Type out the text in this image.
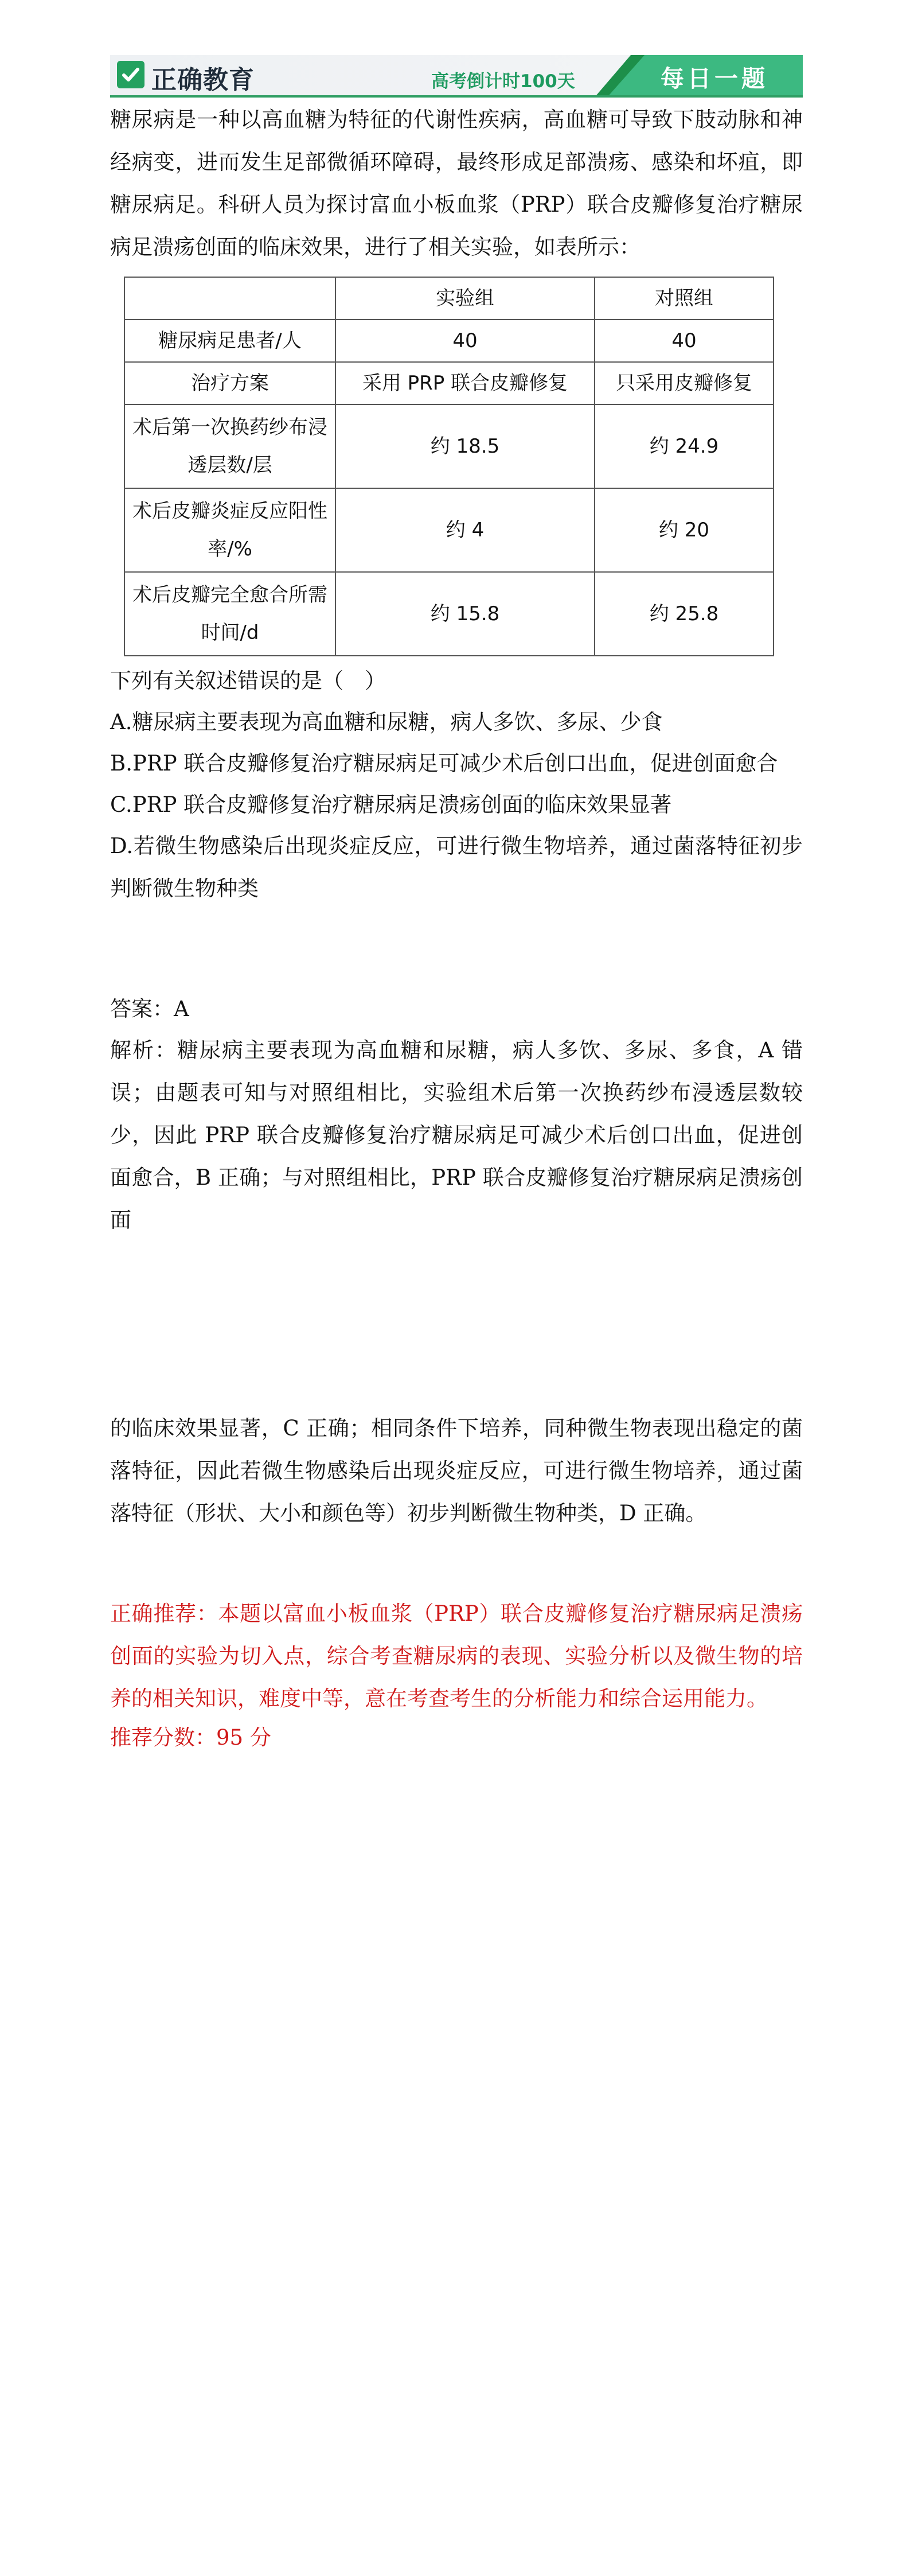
正确教育	高考倒计时100天	每日一题
糖尿病是一种以高血糖为特征的代谢性疾病，高血糖可导致下肢动脉和神经病变，进而发生足部微循环障碍，最终形成足部溃疡、感染和坏疽，即糖尿病足。科研人员为探讨富血小板血浆（PRP）联合皮瓣修复治疗糖尿病足溃疡创面的临床效果，进行了相关实验，如表所示：
	实验组	对照组
糖尿病足患者/人	40	40
治疗方案	采用 PRP 联合皮瓣修复	只采用皮瓣修复
术后第一次换药纱布浸透层数/层	约 18.5	约 24.9
术后皮瓣炎症反应阳性率/%	约 4	约 20
术后皮瓣完全愈合所需时间/d	约 15.8	约 25.8
下列有关叙述错误的是（　）
A.糖尿病主要表现为高血糖和尿糖，病人多饮、多尿、少食
B.PRP 联合皮瓣修复治疗糖尿病足可减少术后创口出血，促进创面愈合
C.PRP 联合皮瓣修复治疗糖尿病足溃疡创面的临床效果显著
D.若微生物感染后出现炎症反应，可进行微生物培养，通过菌落特征初步判断微生物种类
答案：A
解析：糖尿病主要表现为高血糖和尿糖，病人多饮、多尿、多食，A 错误；由题表可知与对照组相比，实验组术后第一次换药纱布浸透层数较少，因此 PRP 联合皮瓣修复治疗糖尿病足可减少术后创口出血，促进创面愈合，B 正确；与对照组相比，PRP 联合皮瓣修复治疗糖尿病足溃疡创面
的临床效果显著，C 正确；相同条件下培养，同种微生物表现出稳定的菌落特征，因此若微生物感染后出现炎症反应，可进行微生物培养，通过菌落特征（形状、大小和颜色等）初步判断微生物种类，D 正确。
正确推荐：本题以富血小板血浆（PRP）联合皮瓣修复治疗糖尿病足溃疡创面的实验为切入点，综合考查糖尿病的表现、实验分析以及微生物的培养的相关知识，难度中等，意在考查考生的分析能力和综合运用能力。
推荐分数：95 分
